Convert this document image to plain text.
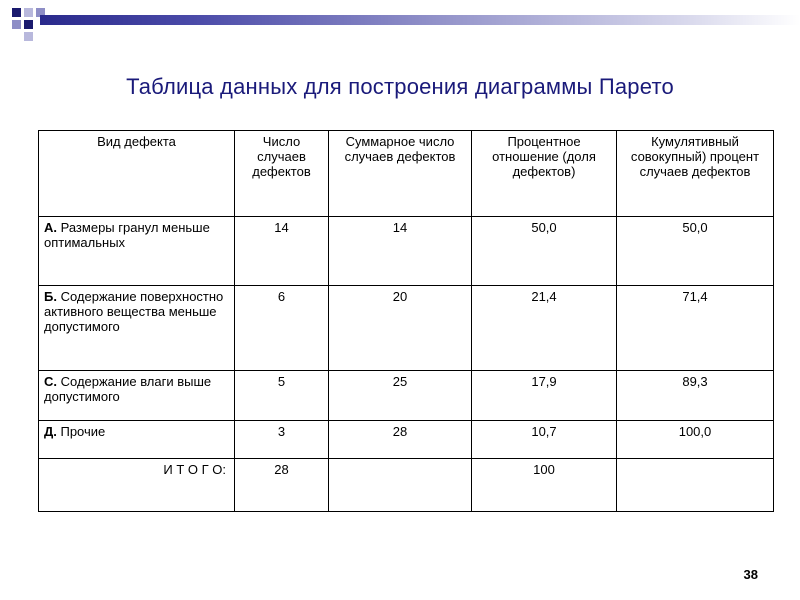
Таблица данных для построения диаграммы Парето
Вид дефекта	Число случаев дефектов	Суммарное число случаев дефектов	Процентное отношение (доля дефектов)	Кумулятивный совокупный) процент случаев дефектов
А. Размеры гранул меньше оптимальных	14	14	50,0	50,0
Б. Содержание поверхностно активного вещества меньше допустимого	6	20	21,4	71,4
С. Содержание влаги выше допустимого	5	25	17,9	89,3
Д. Прочие	3	28	10,7	100,0
И Т О Г О:	28		100	
38
